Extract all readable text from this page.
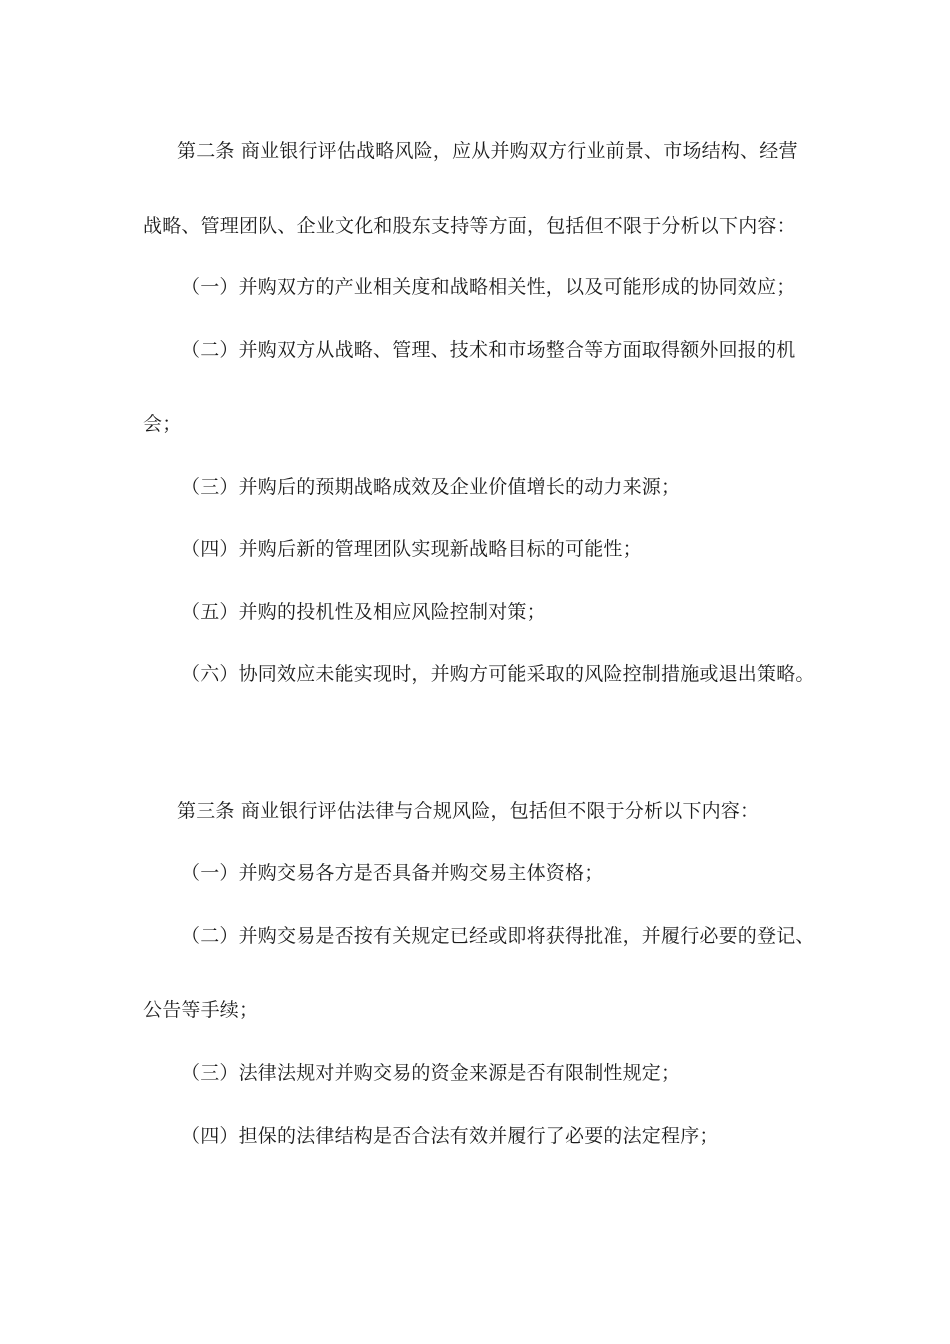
第二条 商业银行评估战略风险，应从并购双方行业前景、市场结构、经营
战略、管理团队、企业文化和股东支持等方面，包括但不限于分析以下内容：
（一）并购双方的产业相关度和战略相关性，以及可能形成的协同效应；
（二）并购双方从战略、管理、技术和市场整合等方面取得额外回报的机
会；
（三）并购后的预期战略成效及企业价值增长的动力来源；
（四）并购后新的管理团队实现新战略目标的可能性；
（五）并购的投机性及相应风险控制对策；
（六）协同效应未能实现时，并购方可能采取的风险控制措施或退出策略。
第三条 商业银行评估法律与合规风险，包括但不限于分析以下内容：
（一）并购交易各方是否具备并购交易主体资格；
（二）并购交易是否按有关规定已经或即将获得批准，并履行必要的登记、
公告等手续；
（三）法律法规对并购交易的资金来源是否有限制性规定；
（四）担保的法律结构是否合法有效并履行了必要的法定程序；
